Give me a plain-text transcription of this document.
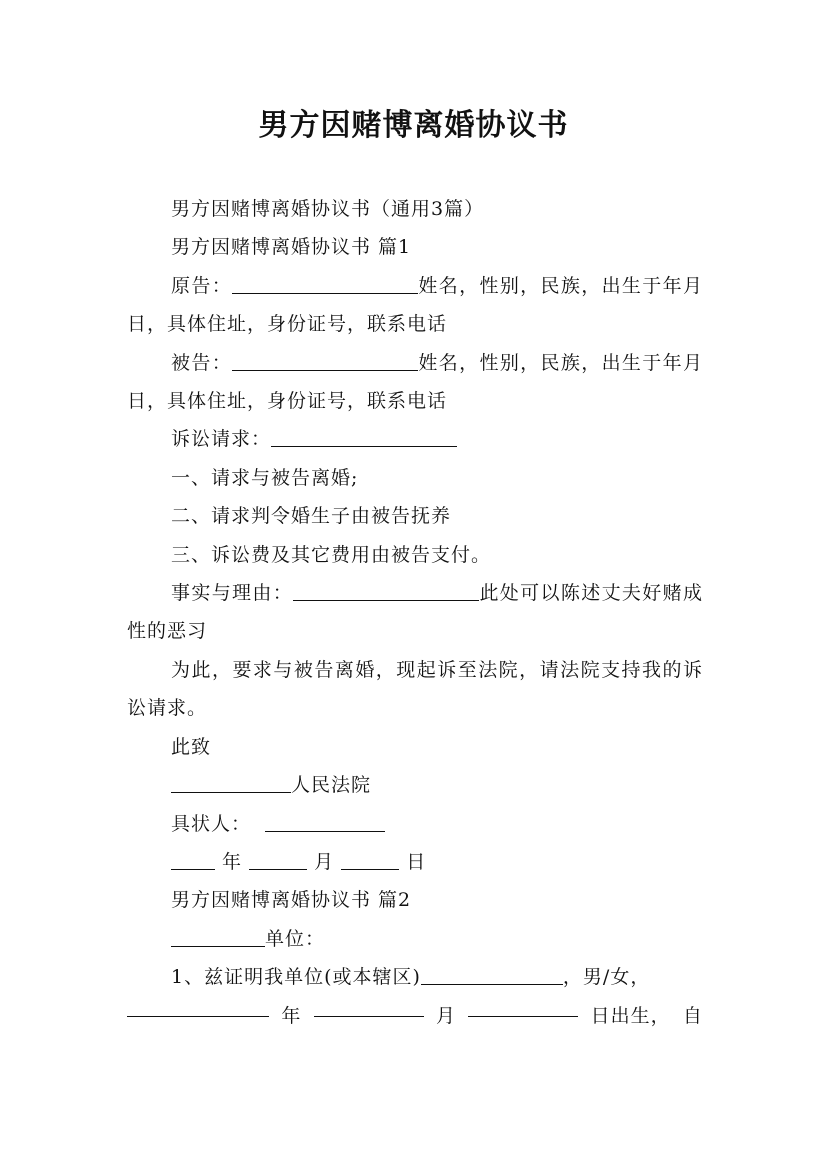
男方因赌博离婚协议书

男方因赌博离婚协议书（通用3篇）

男方因赌博离婚协议书 篇1

原告：	姓名，性别，民族，出生于年月日，具体住址，身份证号，联系电话

被告：	姓名，性别，民族，出生于年月日，具体住址，身份证号，联系电话

诉讼请求：

一、请求与被告离婚;

二、请求判令婚生子由被告抚养

三、诉讼费及其它费用由被告支付。

事实与理由：	此处可以陈述丈夫好赌成性的恶习

为此，要求与被告离婚，现起诉至法院，请法院支持我的诉讼请求。

此致

人民法院

具状人：

年	月	日

男方因赌博离婚协议书 篇2

单位：

1、兹证明我单位(或本辖区)	，男/女，

年	月	日出生， 自
